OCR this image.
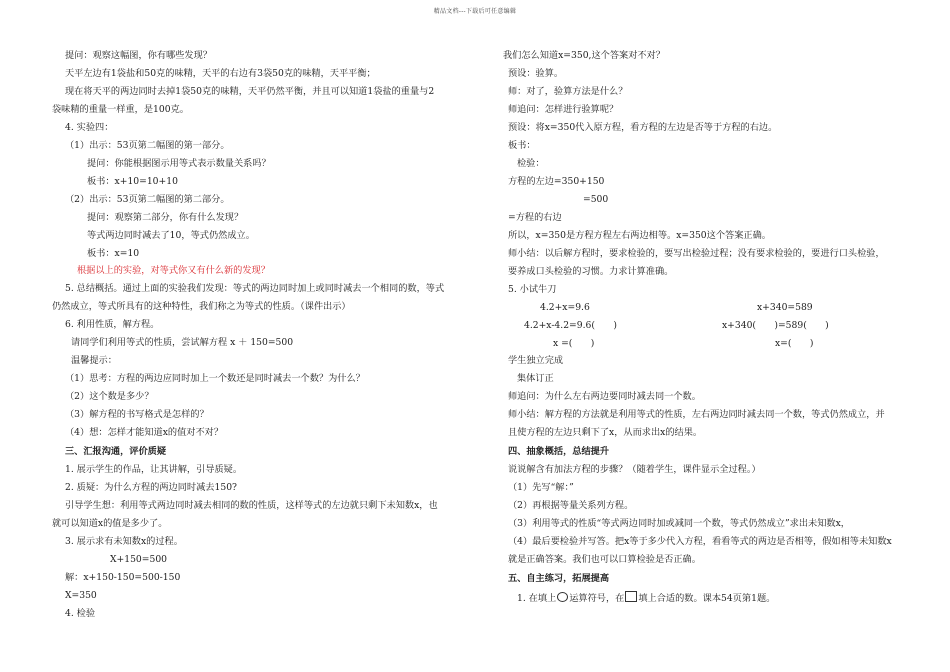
精品文档---下载后可任意编辑
提问：观察这幅图，你有哪些发现？
天平左边有1袋盐和50克的味精，天平的右边有3袋50克的味精，天平平衡；
现在将天平的两边同时去掉1袋50克的味精，天平仍然平衡，并且可以知道1袋盐的重量与2
袋味精的重量一样重，是100克。
4. 实验四：
（1）出示：53页第二幅图的第一部分。
提问：你能根据图示用等式表示数量关系吗？
板书：x+10=10+10
（2）出示：53页第二幅图的第二部分。
提问：观察第二部分，你有什么发现？
等式两边同时减去了10，等式仍然成立。
板书：x=10
根据以上的实验，对等式你又有什么新的发现？
5. 总结概括。通过上面的实验我们发现：等式的两边同时加上或同时减去一个相同的数，等式
仍然成立，等式所具有的这种特性，我们称之为等式的性质。（课件出示）
6. 利用性质，解方程。
请同学们利用等式的性质，尝试解方程 x ＋ 150=500
温馨提示：
（1）思考：方程的两边应同时加上一个数还是同时减去一个数？为什么？
（2）这个数是多少？
（3）解方程的书写格式是怎样的？
（4）想：怎样才能知道x的值对不对？
三、汇报沟通，评价质疑
1. 展示学生的作品，让其讲解，引导质疑。
2. 质疑：为什么方程的两边同时减去150?
引导学生想：利用等式两边同时减去相同的数的性质，这样等式的左边就只剩下未知数x，也
就可以知道x的值是多少了。
3. 展示求有未知数x的过程。
X+150=500
解：x+150-150=500-150
X=350
4. 检验
我们怎么知道x=350,这个答案对不对？
预设：验算。
师：对了，验算方法是什么？
师追问：怎样进行验算呢？
预设：将x=350代入原方程，看方程的左边是否等于方程的右边。
板书：
检验：
方程的左边=350+150
=500
=方程的右边
所以，x=350是方程方程左右两边相等。x=350这个答案正确。
师小结：以后解方程时，要求检验的，要写出检验过程；没有要求检验的，要进行口头检验，
要养成口头检验的习惯。力求计算准确。
5. 小试牛刀
4.2+x=9.6	x+340=589
4.2+x-4.2=9.6(　　)	x+340(　　)=589(　　)
x =(　　)	x=(　　)
学生独立完成
集体订正
师追问：为什么左右两边要同时减去同一个数。
师小结：解方程的方法就是利用等式的性质，左右两边同时减去同一个数，等式仍然成立，并
且使方程的左边只剩下了x，从而求出x的结果。
四、抽象概括，总结提升
说说解含有加法方程的步骤？（随着学生，课件显示全过程。）
（1）先写“解：”
（2）再根据等量关系列方程。
（3）利用等式的性质“等式两边同时加或减同一个数，等式仍然成立”求出未知数x，
（4）最后要检验并写答。把x等于多少代入方程，看看等式的两边是否相等，假如相等未知数x
就是正确答案。我们也可以口算检验是否正确。
五、自主练习，拓展提高
1. 在填上 运算符号，在 填上合适的数。课本54页第1题。
